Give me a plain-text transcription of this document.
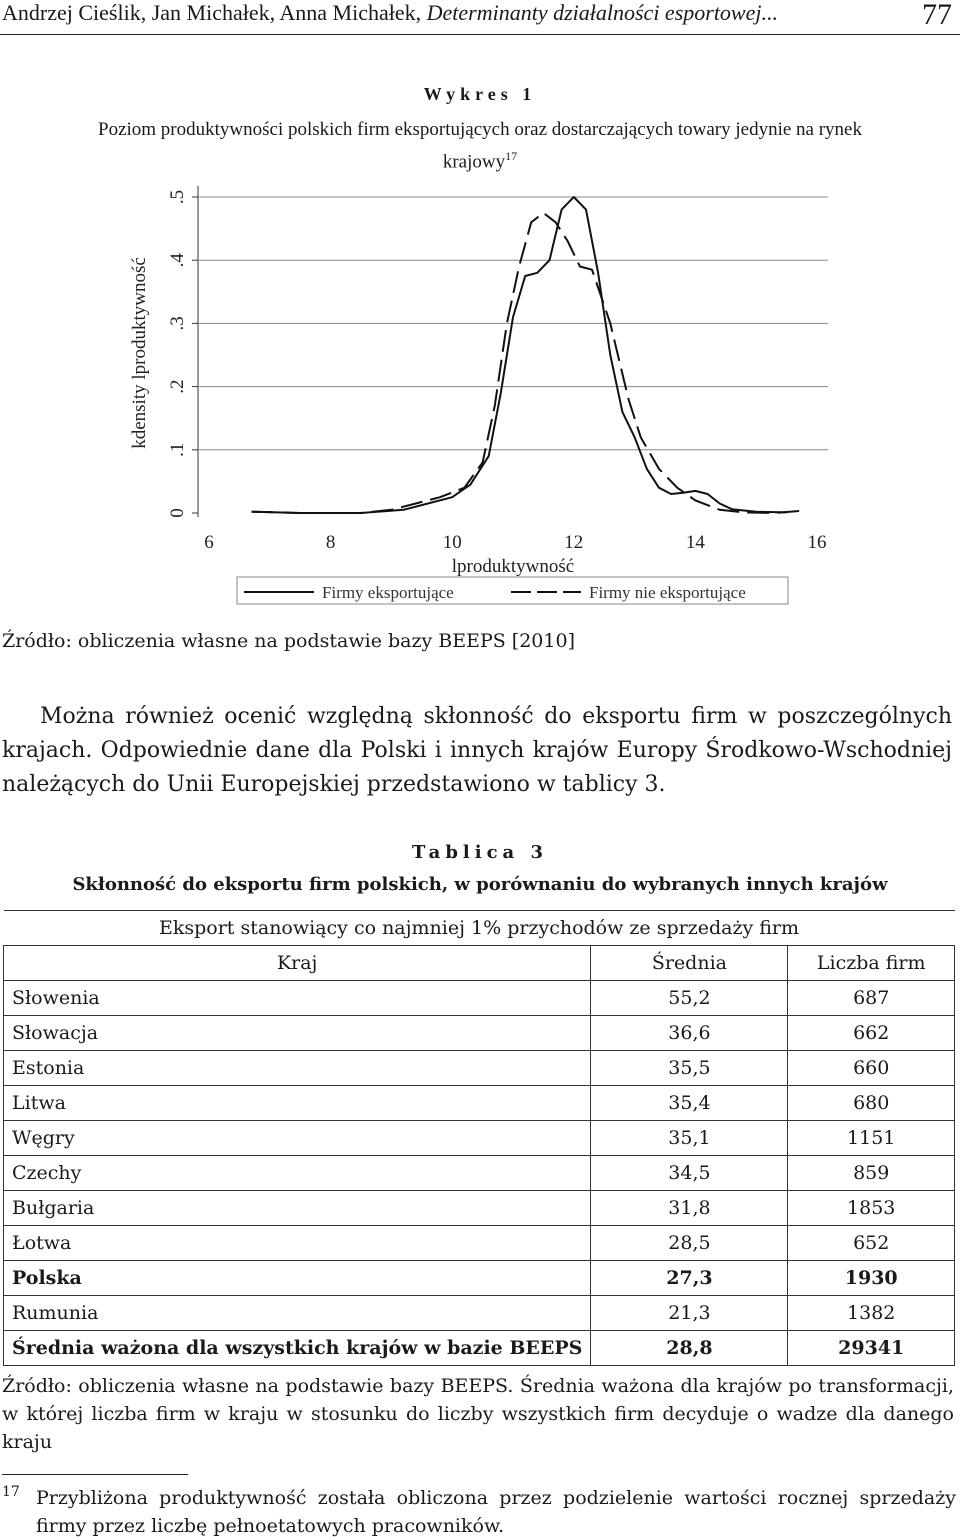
Andrzej Cieślik, Jan Michałek, Anna Michałek, Determinanty działalności esportowej...	77
Wykres 1
Poziom produktywności polskich firm eksportujących oraz dostarczających towary jedynie na rynek krajowy$^{17}$
0
.1
.2
.3
.4
.5
6	8	10	12	14	16
lproduktywność
kdensity lproduktywność
Firmy eksportujące	Firmy nie eksportujące
Źródło: obliczenia własne na podstawie bazy BEEPS [2010]
Można również ocenić względną skłonność do eksportu firm w poszczególnych krajach. Odpowiednie dane dla Polski i innych krajów Europy Środkowo-Wschodniej należących do Unii Europejskiej przedstawiono w tablicy 3.
Tablica 3
Skłonność do eksportu firm polskich, w porównaniu do wybranych innych krajów
Eksport stanowiący co najmniej 1% przychodów ze sprzedaży firm		
Kraj	Średnia	Liczba firm
Słowenia	55,2	687
Słowacja	36,6	662
Estonia	35,5	660
Litwa	35,4	680
Węgry	35,1	1151
Czechy	34,5	859
Bułgaria	31,8	1853
Łotwa	28,5	652
Polska	27,3	1930
Rumunia	21,3	1382
Średnia ważona dla wszystkich krajów w bazie BEEPS	28,8	29341
Źródło: obliczenia własne na podstawie bazy BEEPS. Średnia ważona dla krajów po transformacji, w której liczba firm w kraju w stosunku do liczby wszystkich firm decyduje o wadze dla danego kraju
17 Przybliżona produktywność została obliczona przez podzielenie wartości rocznej sprzedaży firmy przez liczbę pełnoetatowych pracowników.
